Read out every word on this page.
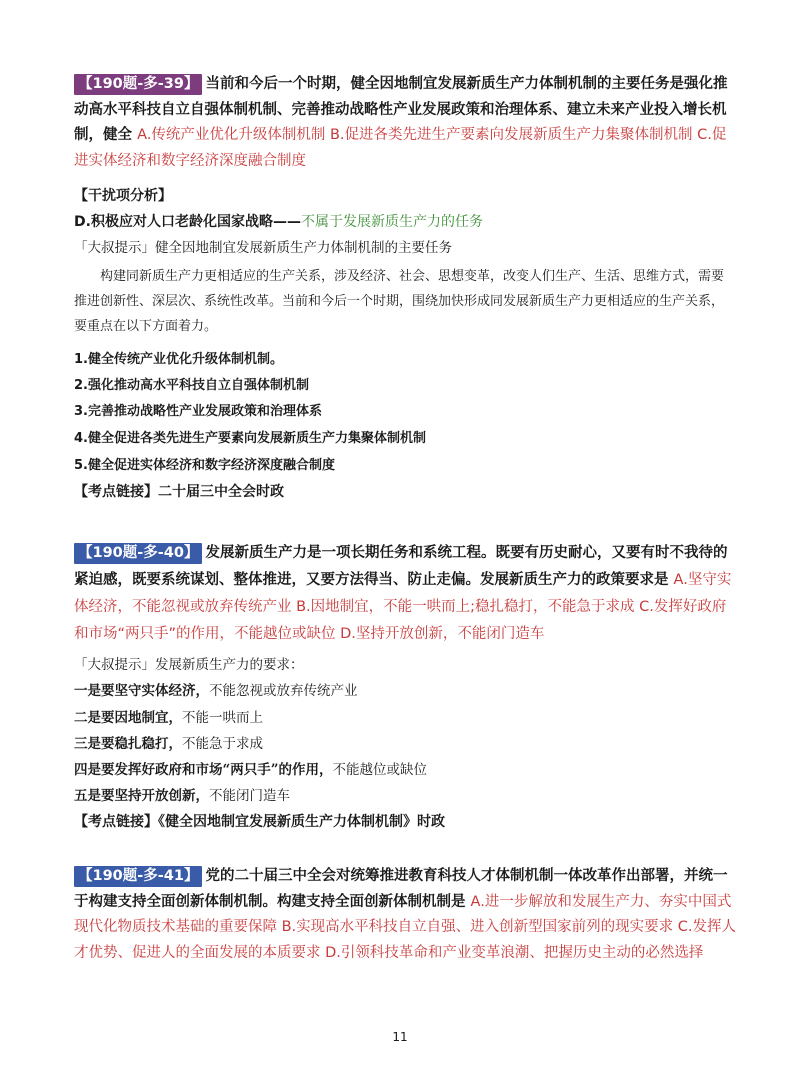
【190题-多-39】 当前和今后一个时期，健全因地制宜发展新质生产力体制机制的主要任务是强化推动高水平科技自立自强体制机制、完善推动战略性产业发展政策和治理体系、建立未来产业投入增长机制，健全 A.传统产业优化升级体制机制 B.促进各类先进生产要素向发展新质生产力集聚体制机制 C.促进实体经济和数字经济深度融合制度
【干扰项分析】
D.积极应对人口老龄化国家战略——不属于发展新质生产力的任务
「大叔提示」健全因地制宜发展新质生产力体制机制的主要任务
构建同新质生产力更相适应的生产关系，涉及经济、社会、思想变革，改变人们生产、生活、思维方式，需要推进创新性、深层次、系统性改革。当前和今后一个时期，围绕加快形成同发展新质生产力更相适应的生产关系，要重点在以下方面着力。
1.健全传统产业优化升级体制机制。
2.强化推动高水平科技自立自强体制机制
3.完善推动战略性产业发展政策和治理体系
4.健全促进各类先进生产要素向发展新质生产力集聚体制机制
5.健全促进实体经济和数字经济深度融合制度
【考点链接】二十届三中全会时政
【190题-多-40】 发展新质生产力是一项长期任务和系统工程。既要有历史耐心，又要有时不我待的紧迫感，既要系统谋划、整体推进，又要方法得当、防止走偏。发展新质生产力的政策要求是 A.坚守实体经济，不能忽视或放弃传统产业 B.因地制宜，不能一哄而上;稳扎稳打，不能急于求成 C.发挥好政府和市场“两只手”的作用，不能越位或缺位 D.坚持开放创新，不能闭门造车
「大叔提示」发展新质生产力的要求：
一是要坚守实体经济，不能忽视或放弃传统产业
二是要因地制宜，不能一哄而上
三是要稳扎稳打，不能急于求成
四是要发挥好政府和市场“两只手”的作用，不能越位或缺位
五是要坚持开放创新，不能闭门造车
【考点链接】《健全因地制宜发展新质生产力体制机制》时政
【190题-多-41】 党的二十届三中全会对统筹推进教育科技人才体制机制一体改革作出部署，并统一于构建支持全面创新体制机制。构建支持全面创新体制机制是 A.进一步解放和发展生产力、夯实中国式现代化物质技术基础的重要保障 B.实现高水平科技自立自强、进入创新型国家前列的现实要求 C.发挥人才优势、促进人的全面发展的本质要求 D.引领科技革命和产业变革浪潮、把握历史主动的必然选择
11
